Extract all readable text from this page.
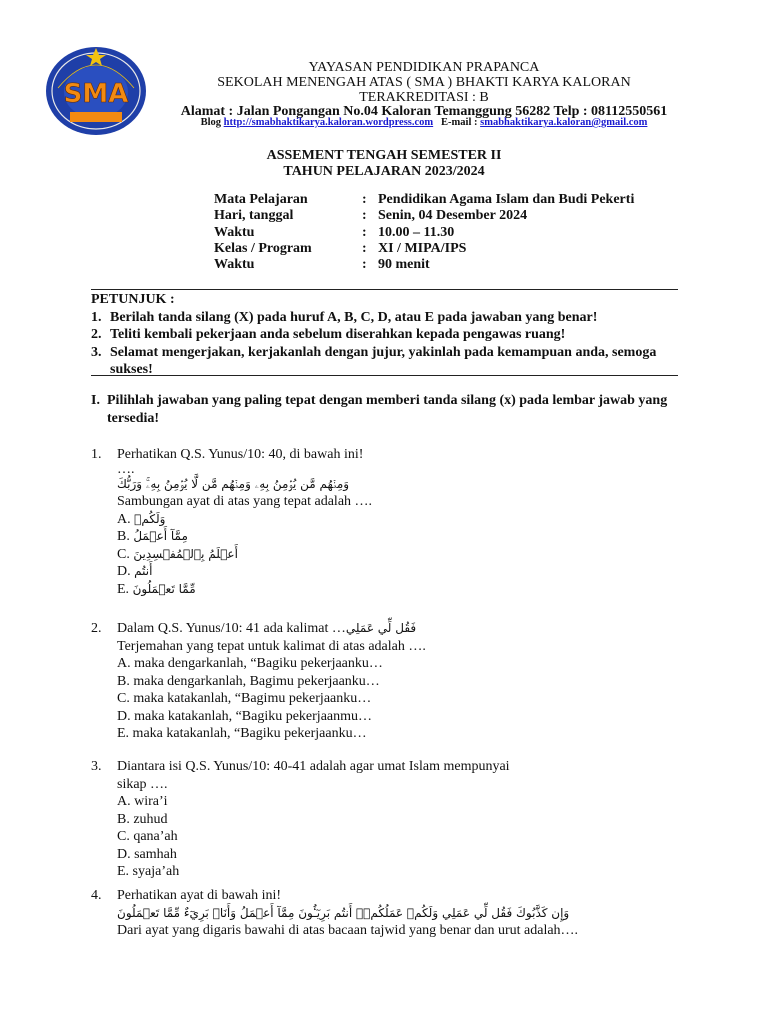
SMA
YAYASAN PENDIDIKAN PRAPANCA
SEKOLAH MENENGAH ATAS ( SMA ) BHAKTI KARYA KALORAN
TERAKREDITASI : B
Alamat : Jalan Pongangan No.04 Kaloran Temanggung 56282 Telp : 08112550561
Blog http://smabhaktikarya.kaloran.wordpress.com E-mail : smabhaktikarya.kaloran@gmail.com
ASSEMENT TENGAH SEMESTER II
TAHUN PELAJARAN 2023/2024
Mata Pelajaran	: Pendidikan Agama Islam dan Budi Pekerti
Hari, tanggal	: Senin, 04 Desember 2024
Waktu	: 10.00 – 11.30
Kelas / Program	: XI / MIPA/IPS
Waktu	: 90 menit
PETUNJUK :
1. Berilah tanda silang (X) pada huruf A, B, C, D, atau E pada jawaban yang benar!
2. Teliti kembali pekerjaan anda sebelum diserahkan kepada pengawas ruang!
3. Selamat mengerjakan, kerjakanlah dengan jujur, yakinlah pada kemampuan anda, semoga sukses!
I. Pilihlah jawaban yang paling tepat dengan memberi tanda silang (x) pada lembar jawab yang tersedia!
1. Perhatikan Q.S. Yunus/10: 40, di bawah ini!
….
وَمِنۡهُم مَّن يُؤۡمِنُ بِهِۦ وَمِنۡهُم مَّن لَّا يُؤۡمِنُ بِهِۦۚ وَرَبُّكَ
Sambungan ayat di atas yang tepat adalah ….
A. وَلَكُمۡ
B. مِمَّآ أَعۡمَلُ
C. أَعۡلَمُ بِٱلۡمُفۡسِدِينَ
D. أَنتُم
E. مِّمَّا تَعۡمَلُونَ
2. Dalam Q.S. Yunus/10: 41 ada kalimat …فَقُل لِّي عَمَلِي
Terjemahan yang tepat untuk kalimat di atas adalah ….
A. maka dengarkanlah, “Bagiku pekerjaanku…
B. maka dengarkanlah, Bagimu pekerjaanku…
C. maka katakanlah, “Bagimu pekerjaanku…
D. maka katakanlah, “Bagiku pekerjaanmu…
E. maka katakanlah, “Bagiku pekerjaanku…
3. Diantara isi Q.S. Yunus/10: 40-41 adalah agar umat Islam mempunyai
sikap ….
A. wira’i
B. zuhud
C. qana’ah
D. samhah
E. syaja’ah
4. Perhatikan ayat di bawah ini!
وَإِن كَذَّبُوكَ فَقُل لِّي عَمَلِي وَلَكُمۡ عَمَلُكُمۡۖ أَنتُم بَرِيٓـُٔونَ مِمَّآ أَعۡمَلُ وَأَنَا۠ بَرِيٓءٌ مِّمَّا تَعۡمَلُونَ
Dari ayat yang digaris bawahi di atas bacaan tajwid yang benar dan urut adalah….
